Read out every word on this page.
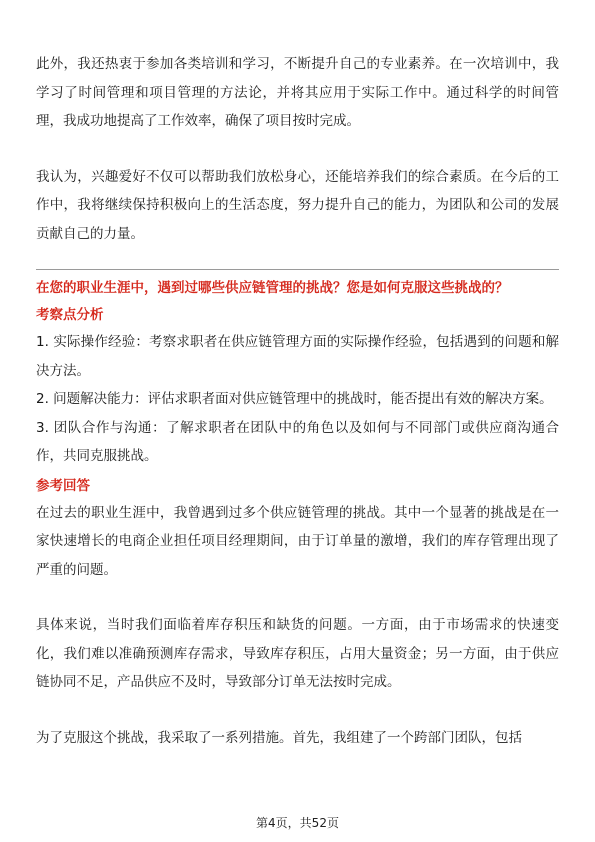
此外，我还热衷于参加各类培训和学习，不断提升自己的专业素养。在一次培训中，我学习了时间管理和项目管理的方法论，并将其应用于实际工作中。通过科学的时间管理，我成功地提高了工作效率，确保了项目按时完成。

我认为，兴趣爱好不仅可以帮助我们放松身心，还能培养我们的综合素质。在今后的工作中，我将继续保持积极向上的生活态度，努力提升自己的能力，为团队和公司的发展贡献自己的力量。

在您的职业生涯中，遇到过哪些供应链管理的挑战？您是如何克服这些挑战的？
考察点分析

1. 实际操作经验：考察求职者在供应链管理方面的实际操作经验，包括遇到的问题和解决方法。

2. 问题解决能力：评估求职者面对供应链管理中的挑战时，能否提出有效的解决方案。

3. 团队合作与沟通：了解求职者在团队中的角色以及如何与不同部门或供应商沟通合作，共同克服挑战。

参考回答

在过去的职业生涯中，我曾遇到过多个供应链管理的挑战。其中一个显著的挑战是在一家快速增长的电商企业担任项目经理期间，由于订单量的激增，我们的库存管理出现了严重的问题。

具体来说，当时我们面临着库存积压和缺货的问题。一方面，由于市场需求的快速变化，我们难以准确预测库存需求，导致库存积压，占用大量资金；另一方面，由于供应链协同不足，产品供应不及时，导致部分订单无法按时完成。

为了克服这个挑战，我采取了一系列措施。首先，我组建了一个跨部门团队，包括

第4页，共52页
